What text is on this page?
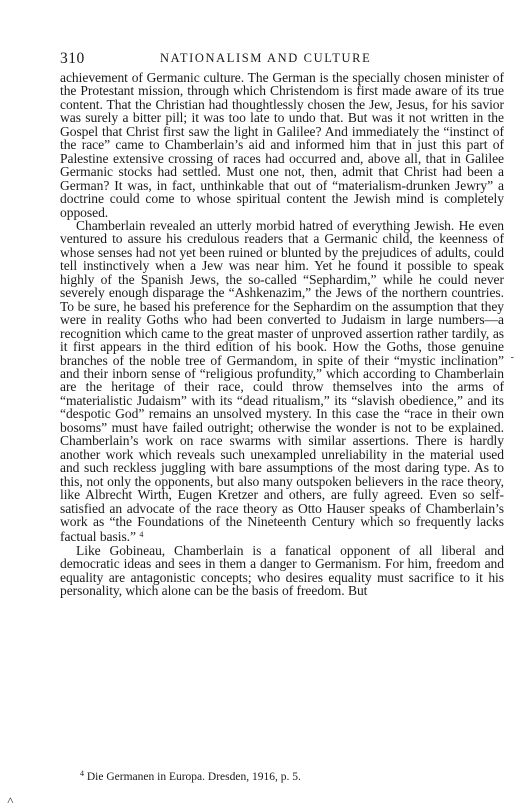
310	NATIONALISM AND CULTURE

achievement of Germanic culture. The German is the specially chosen minister of the Protestant mission, through which Christendom is first made aware of its true content. That the Christian had thoughtlessly chosen the Jew, Jesus, for his savior was surely a bitter pill; it was too late to undo that. But was it not written in the Gospel that Christ first saw the light in Galilee? And immediately the “instinct of the race” came to Chamberlain’s aid and informed him that in just this part of Palestine extensive crossing of races had occurred and, above all, that in Galilee Germanic stocks had settled. Must one not, then, admit that Christ had been a German? It was, in fact, unthinkable that out of “materialism-drunken Jewry” a doctrine could come to whose spiritual content the Jewish mind is completely opposed.

Chamberlain revealed an utterly morbid hatred of everything Jewish. He even ventured to assure his credulous readers that a Germanic child, the keenness of whose senses had not yet been ruined or blunted by the prejudices of adults, could tell instinctively when a Jew was near him. Yet he found it possible to speak highly of the Spanish Jews, the so-called “Sephardim,” while he could never severely enough disparage the “Ashkenazim,” the Jews of the northern countries. To be sure, he based his preference for the Sephardim on the assumption that they were in reality Goths who had been converted to Judaism in large numbers—a recognition which came to the great master of unproved assertion rather tardily, as it first appears in the third edition of his book. How the Goths, those genuine branches of the noble tree of Germandom, in spite of their “mystic inclination” and their inborn sense of “religious profundity,” which according to Chamberlain are the heritage of their race, could throw themselves into the arms of “materialistic Judaism” with its “dead ritualism,” its “slavish obedience,” and its “despotic God” remains an unsolved mystery. In this case the “race in their own bosoms” must have failed outright; otherwise the wonder is not to be explained. Chamberlain’s work on race swarms with similar assertions. There is hardly another work which reveals such unexampled unreliability in the material used and such reckless juggling with bare assumptions of the most daring type. As to this, not only the opponents, but also many outspoken believers in the race theory, like Albrecht Wirth, Eugen Kretzer and others, are fully agreed. Even so self-satisfied an advocate of the race theory as Otto Hauser speaks of Chamberlain’s work as “the Foundations of the Nineteenth Century which so frequently lacks factual basis.” $^4$

Like Gobineau, Chamberlain is a fanatical opponent of all liberal and democratic ideas and sees in them a danger to Germanism. For him, freedom and equality are antagonistic concepts; who desires equality must sacrifice to it his personality, which alone can be the basis of freedom. But

$^4$ Die Germanen in Europa. Dresden, 1916, p. 5.
-
˄
